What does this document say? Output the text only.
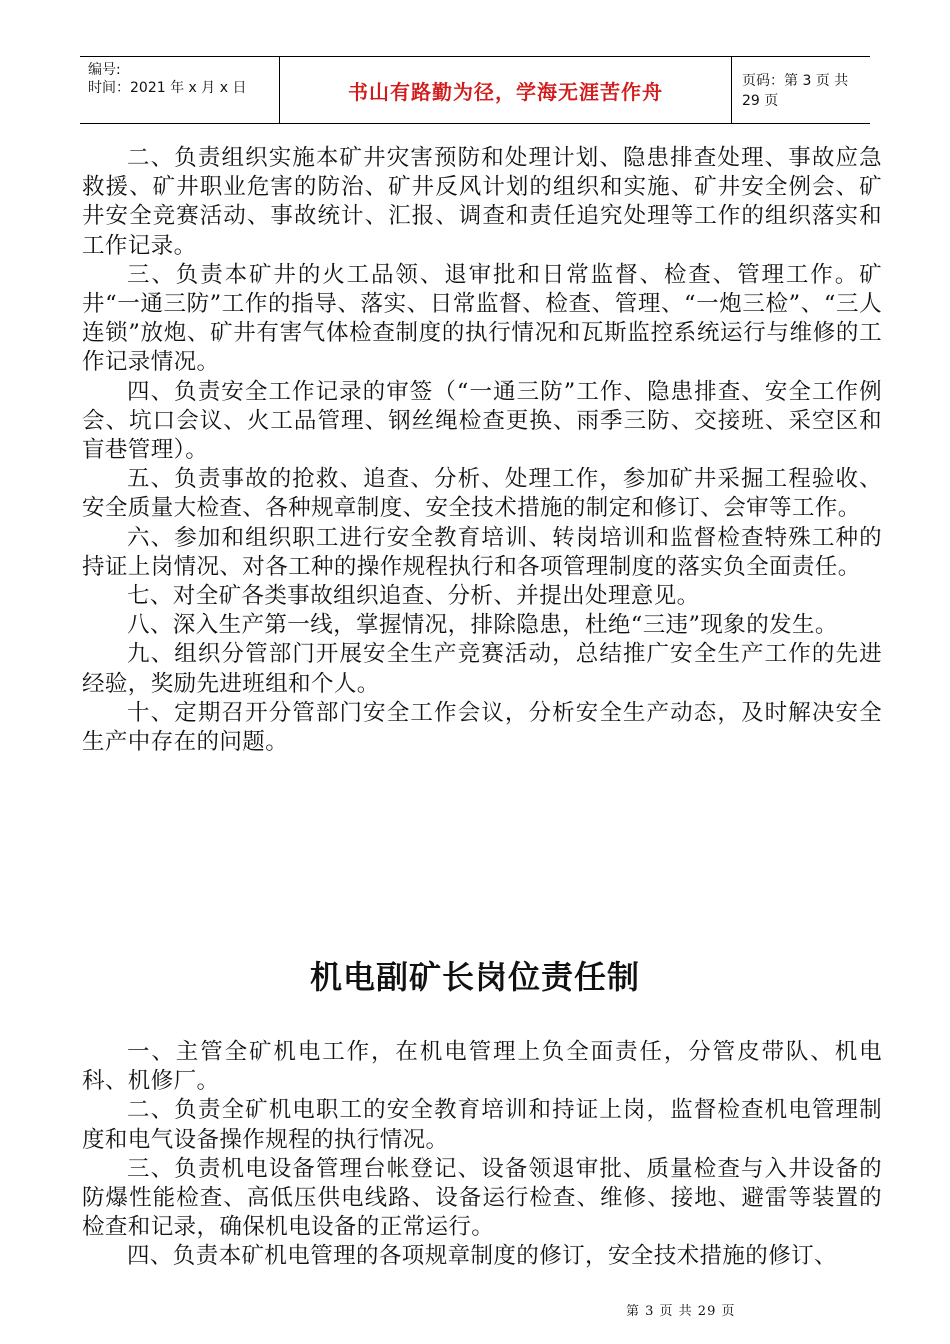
编号:
时间：2021 年 x 月 x 日	书山有路勤为径，学海无涯苦作舟	页码：第 3 页 共 29 页

二、负责组织实施本矿井灾害预防和处理计划、隐患排查处理、事故应急救援、矿井职业危害的防治、矿井反风计划的组织和实施、矿井安全例会、矿井安全竞赛活动、事故统计、汇报、调查和责任追究处理等工作的组织落实和工作记录。

三、负责本矿井的火工品领、退审批和日常监督、检查、管理工作。矿井“一通三防”工作的指导、落实、日常监督、检查、管理、“一炮三检”、“三人连锁”放炮、矿井有害气体检查制度的执行情况和瓦斯监控系统运行与维修的工作记录情况。

四、负责安全工作记录的审签（“一通三防”工作、隐患排查、安全工作例会、坑口会议、火工品管理、钢丝绳检查更换、雨季三防、交接班、采空区和盲巷管理）。

五、负责事故的抢救、追查、分析、处理工作，参加矿井采掘工程验收、安全质量大检查、各种规章制度、安全技术措施的制定和修订、会审等工作。

六、参加和组织职工进行安全教育培训、转岗培训和监督检查特殊工种的持证上岗情况、对各工种的操作规程执行和各项管理制度的落实负全面责任。

七、对全矿各类事故组织追查、分析、并提出处理意见。

八、深入生产第一线，掌握情况，排除隐患，杜绝“三违”现象的发生。

九、组织分管部门开展安全生产竞赛活动，总结推广安全生产工作的先进经验，奖励先进班组和个人。

十、定期召开分管部门安全工作会议，分析安全生产动态，及时解决安全生产中存在的问题。

机电副矿长岗位责任制

一、主管全矿机电工作，在机电管理上负全面责任，分管皮带队、机电科、机修厂。

二、负责全矿机电职工的安全教育培训和持证上岗，监督检查机电管理制度和电气设备操作规程的执行情况。

三、负责机电设备管理台帐登记、设备领退审批、质量检查与入井设备的防爆性能检查、高低压供电线路、设备运行检查、维修、接地、避雷等装置的检查和记录，确保机电设备的正常运行。

四、负责本矿机电管理的各项规章制度的修订，安全技术措施的修订、

第 3 页 共 29 页
